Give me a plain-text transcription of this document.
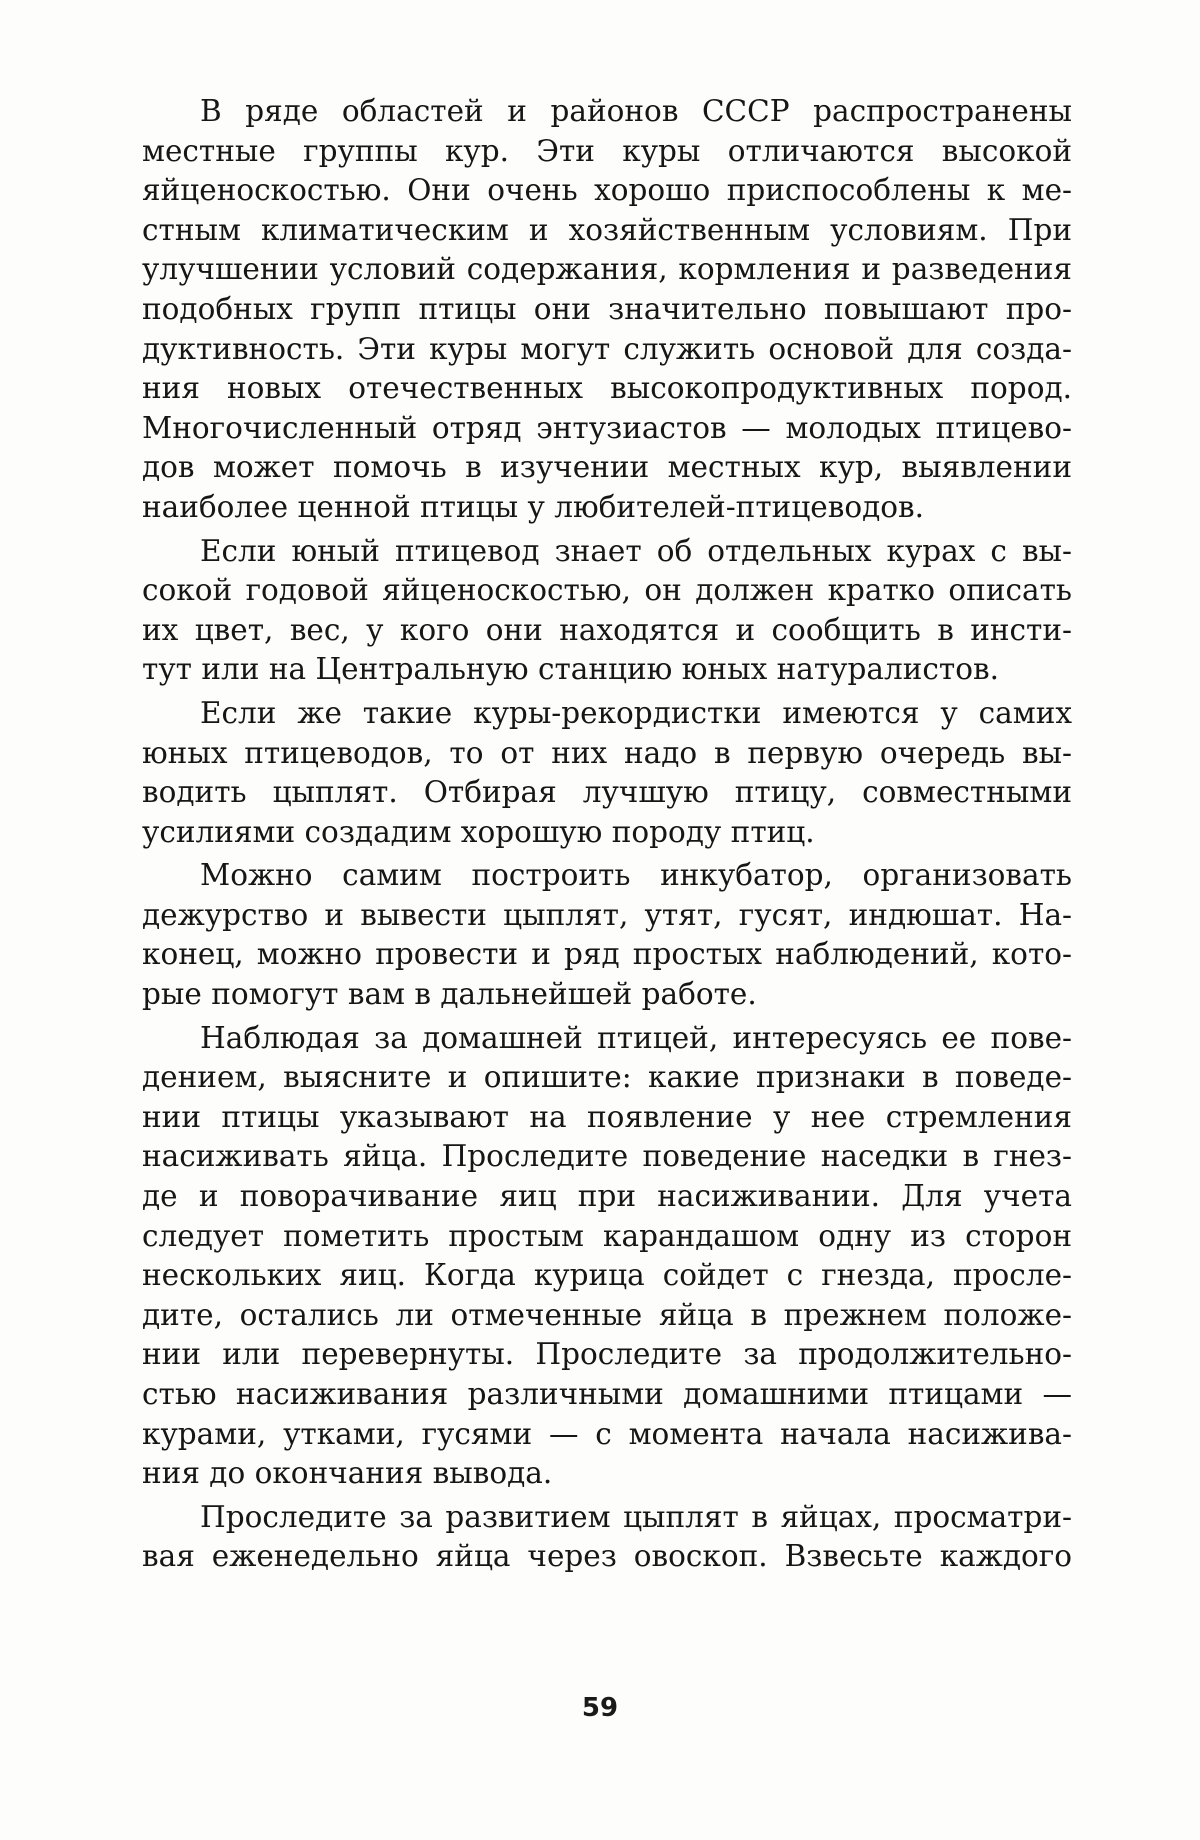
В ряде областей и районов СССР распространены
местные группы кур. Эти куры отличаются высокой
яйценоскостью. Они очень хорошо приспособлены к ме-
стным климатическим и хозяйственным условиям. При
улучшении условий содержания, кормления и разведения
подобных групп птицы они значительно повышают про-
дуктивность. Эти куры могут служить основой для созда-
ния новых отечественных высокопродуктивных пород.
Многочисленный отряд энтузиастов — молодых птицево-
дов может помочь в изучении местных кур, выявлении
наиболее ценной птицы у любителей-птицеводов.
Если юный птицевод знает об отдельных курах с вы-
сокой годовой яйценоскостью, он должен кратко описать
их цвет, вес, у кого они находятся и сообщить в инсти-
тут или на Центральную станцию юных натуралистов.
Если же такие куры-рекордистки имеются у самих
юных птицеводов, то от них надо в первую очередь вы-
водить цыплят. Отбирая лучшую птицу, совместными
усилиями создадим хорошую породу птиц.
Можно самим построить инкубатор, организовать
дежурство и вывести цыплят, утят, гусят, индюшат. На-
конец, можно провести и ряд простых наблюдений, кото-
рые помогут вам в дальнейшей работе.
Наблюдая за домашней птицей, интересуясь ее пове-
дением, выясните и опишите: какие признаки в поведе-
нии птицы указывают на появление у нее стремления
насиживать яйца. Проследите поведение наседки в гнез-
де и поворачивание яиц при насиживании. Для учета
следует пометить простым карандашом одну из сторон
нескольких яиц. Когда курица сойдет с гнезда, просле-
дите, остались ли отмеченные яйца в прежнем положе-
нии или перевернуты. Проследите за продолжительно-
стью насиживания различными домашними птицами —
курами, утками, гусями — с момента начала насижива-
ния до окончания вывода.
Проследите за развитием цыплят в яйцах, просматри-
вая еженедельно яйца через овоскоп. Взвесьте каждого
59
